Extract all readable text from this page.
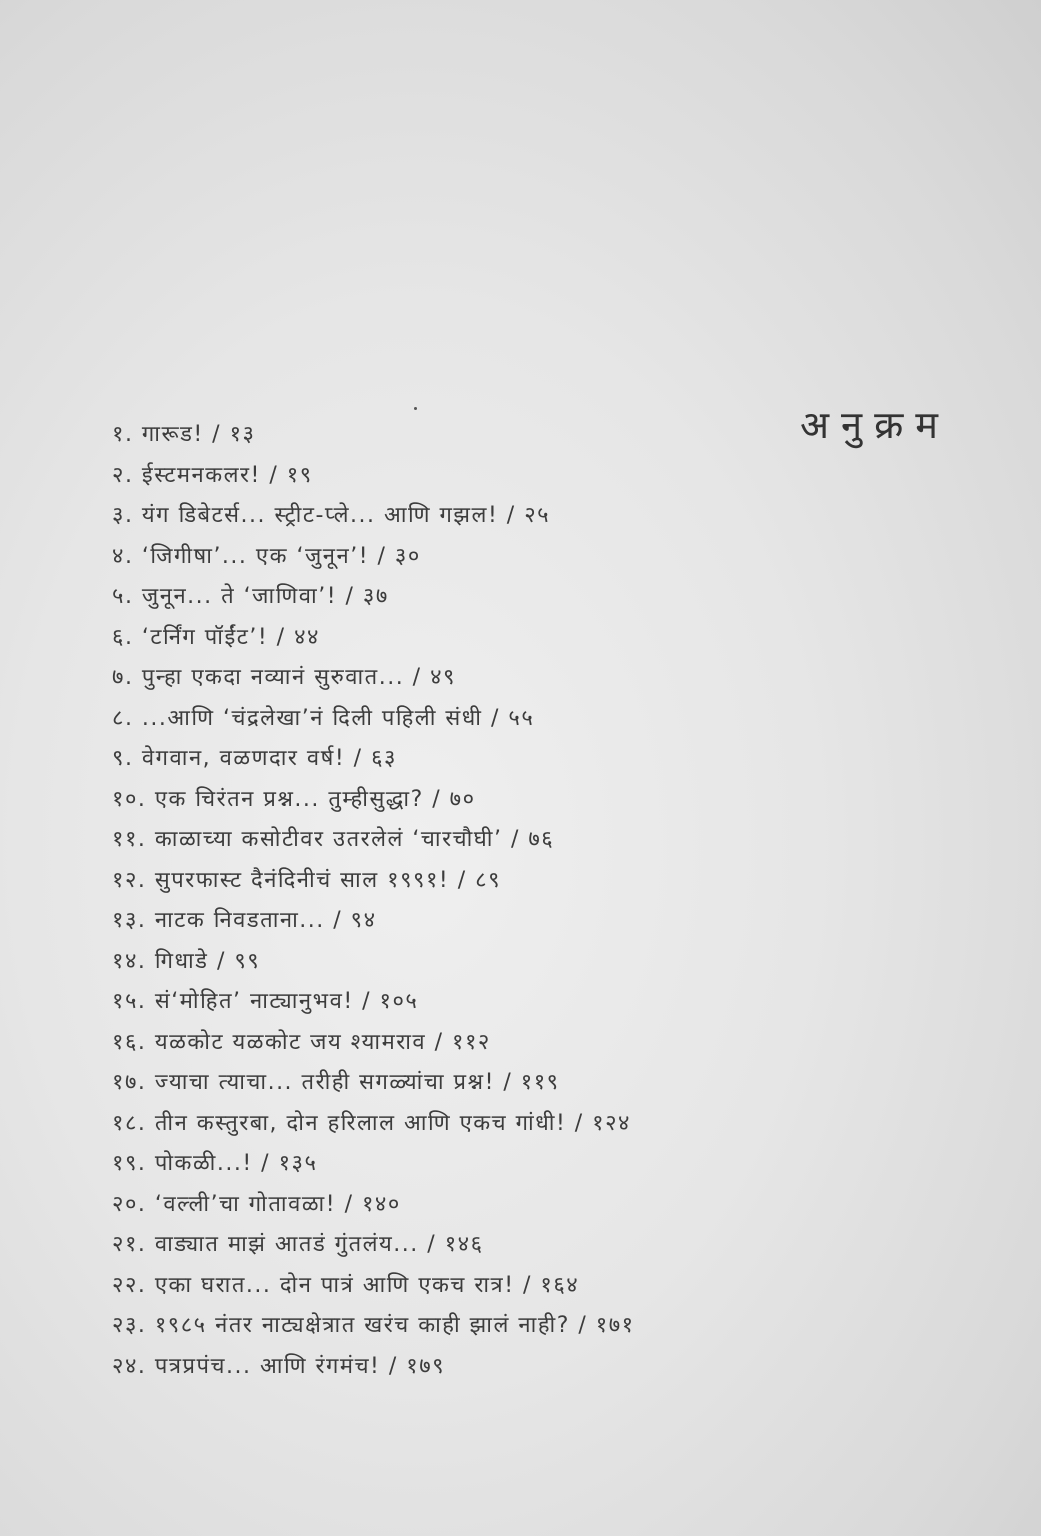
अनुक्रम
१. गारूड! / १३
२. ईस्टमनकलर! / १९
३. यंग डिबेटर्स... स्ट्रीट-प्ले... आणि गझल! / २५
४. ‘जिगीषा’... एक ‘जुनून’! / ३०
५. जुनून... ते ‘जाणिवा’! / ३७
६. ‘टर्निंग पॉईंट’! / ४४
७. पुन्हा एकदा नव्यानं सुरुवात... / ४९
८. ...आणि ‘चंद्रलेखा’नं दिली पहिली संधी / ५५
९. वेगवान, वळणदार वर्ष! / ६३
१०. एक चिरंतन प्रश्न... तुम्हीसुद्धा? / ७०
११. काळाच्या कसोटीवर उतरलेलं ‘चारचौघी’ / ७६
१२. सुपरफास्ट दैनंदिनीचं साल १९९१! / ८९
१३. नाटक निवडताना... / ९४
१४. गिधाडे / ९९
१५. सं‘मोहित’ नाट्यानुभव! / १०५
१६. यळकोट यळकोट जय श्यामराव / ११२
१७. ज्याचा त्याचा... तरीही सगळ्यांचा प्रश्न! / ११९
१८. तीन कस्तुरबा, दोन हरिलाल आणि एकच गांधी! / १२४
१९. पोकळी...! / १३५
२०. ‘वल्ली’चा गोतावळा! / १४०
२१. वाड्यात माझं आतडं गुंतलंय... / १४६
२२. एका घरात... दोन पात्रं आणि एकच रात्र! / १६४
२३. १९८५ नंतर नाट्यक्षेत्रात खरंच काही झालं नाही? / १७१
२४. पत्रप्रपंच... आणि रंगमंच! / १७९
